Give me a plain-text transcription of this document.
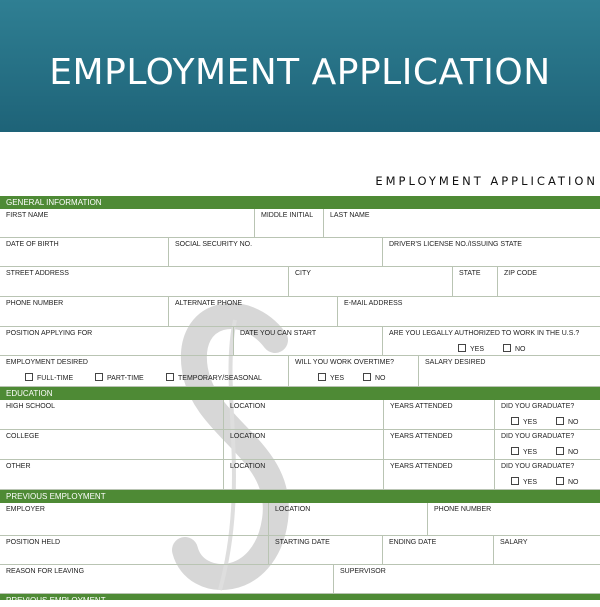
EMPLOYMENT APPLICATION
EMPLOYMENT APPLICATION
GENERAL INFORMATION
FIRST NAME	MIDDLE INITIAL	LAST NAME
DATE OF BIRTH	SOCIAL SECURITY NO.	DRIVER'S LICENSE NO./ISSUING STATE
STREET ADDRESS	CITY	STATE	ZIP CODE
PHONE NUMBER	ALTERNATE PHONE	E-MAIL ADDRESS
POSITION APPLYING FOR	DATE YOU CAN START	ARE YOU LEGALLY AUTHORIZED TO WORK IN THE U.S.?
YES	NO
EMPLOYMENT DESIRED	WILL YOU WORK OVERTIME?	SALARY DESIRED
FULL-TIME	PART-TIME	TEMPORARY/SEASONAL	YES	NO
EDUCATION
HIGH SCHOOL	LOCATION	YEARS ATTENDED	DID YOU GRADUATE?
YES	NO
COLLEGE	LOCATION	YEARS ATTENDED	DID YOU GRADUATE?
YES	NO
OTHER	LOCATION	YEARS ATTENDED	DID YOU GRADUATE?
YES	NO
PREVIOUS EMPLOYMENT
EMPLOYER	LOCATION	PHONE NUMBER
POSITION HELD	STARTING DATE	ENDING DATE	SALARY
REASON FOR LEAVING	SUPERVISOR
PREVIOUS EMPLOYMENT
